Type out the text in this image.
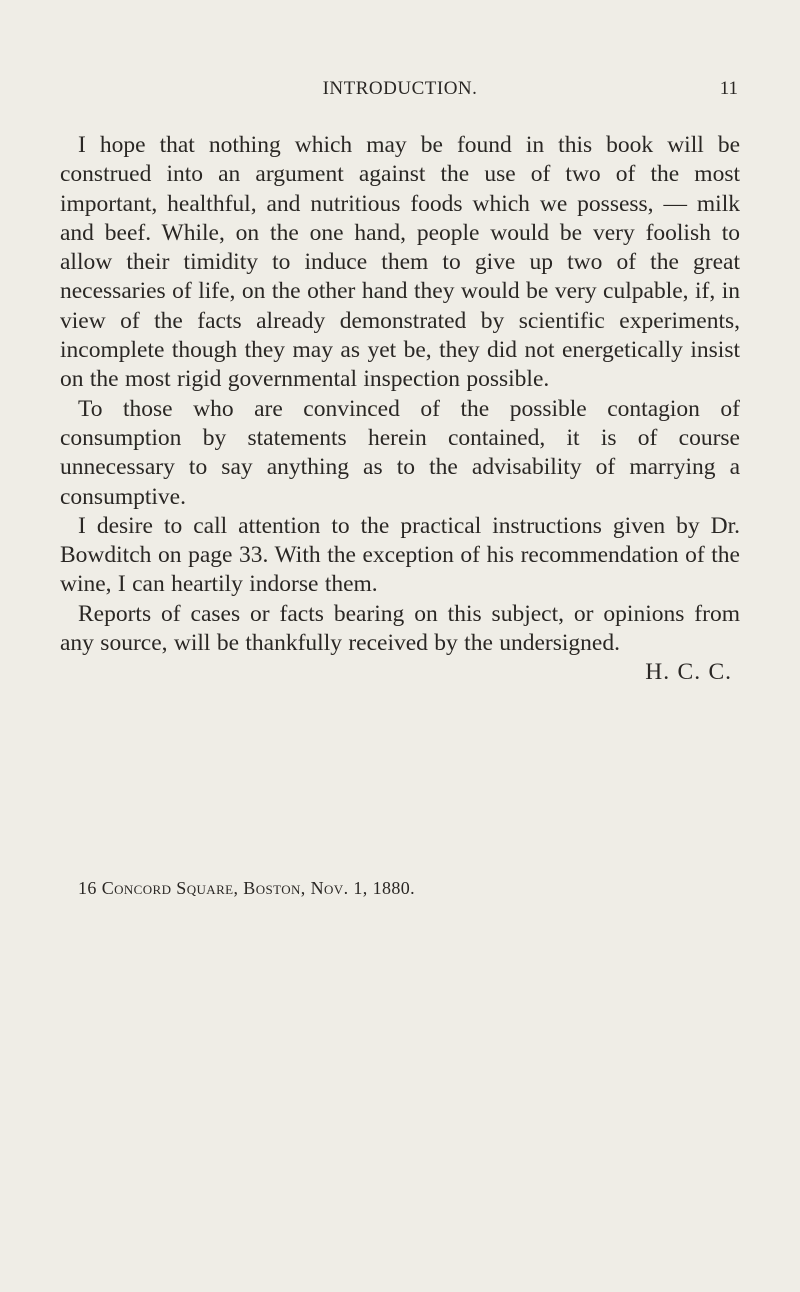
INTRODUCTION.	11

I hope that nothing which may be found in this book will be construed into an argument against the use of two of the most important, healthful, and nutritious foods which we possess, — milk and beef. While, on the one hand, people would be very foolish to allow their timidity to induce them to give up two of the great necessaries of life, on the other hand they would be very culpable, if, in view of the facts already demonstrated by scientific experiments, incomplete though they may as yet be, they did not energetically insist on the most rigid governmental inspection possible.

To those who are convinced of the possible contagion of consumption by statements herein contained, it is of course unnecessary to say anything as to the advisability of marrying a consumptive.

I desire to call attention to the practical instructions given by Dr. Bowditch on page 33. With the exception of his recommendation of the wine, I can heartily indorse them.

Reports of cases or facts bearing on this subject, or opinions from any source, will be thankfully received by the undersigned.

H. C. C.

16 Concord Square, Boston, Nov. 1, 1880.
